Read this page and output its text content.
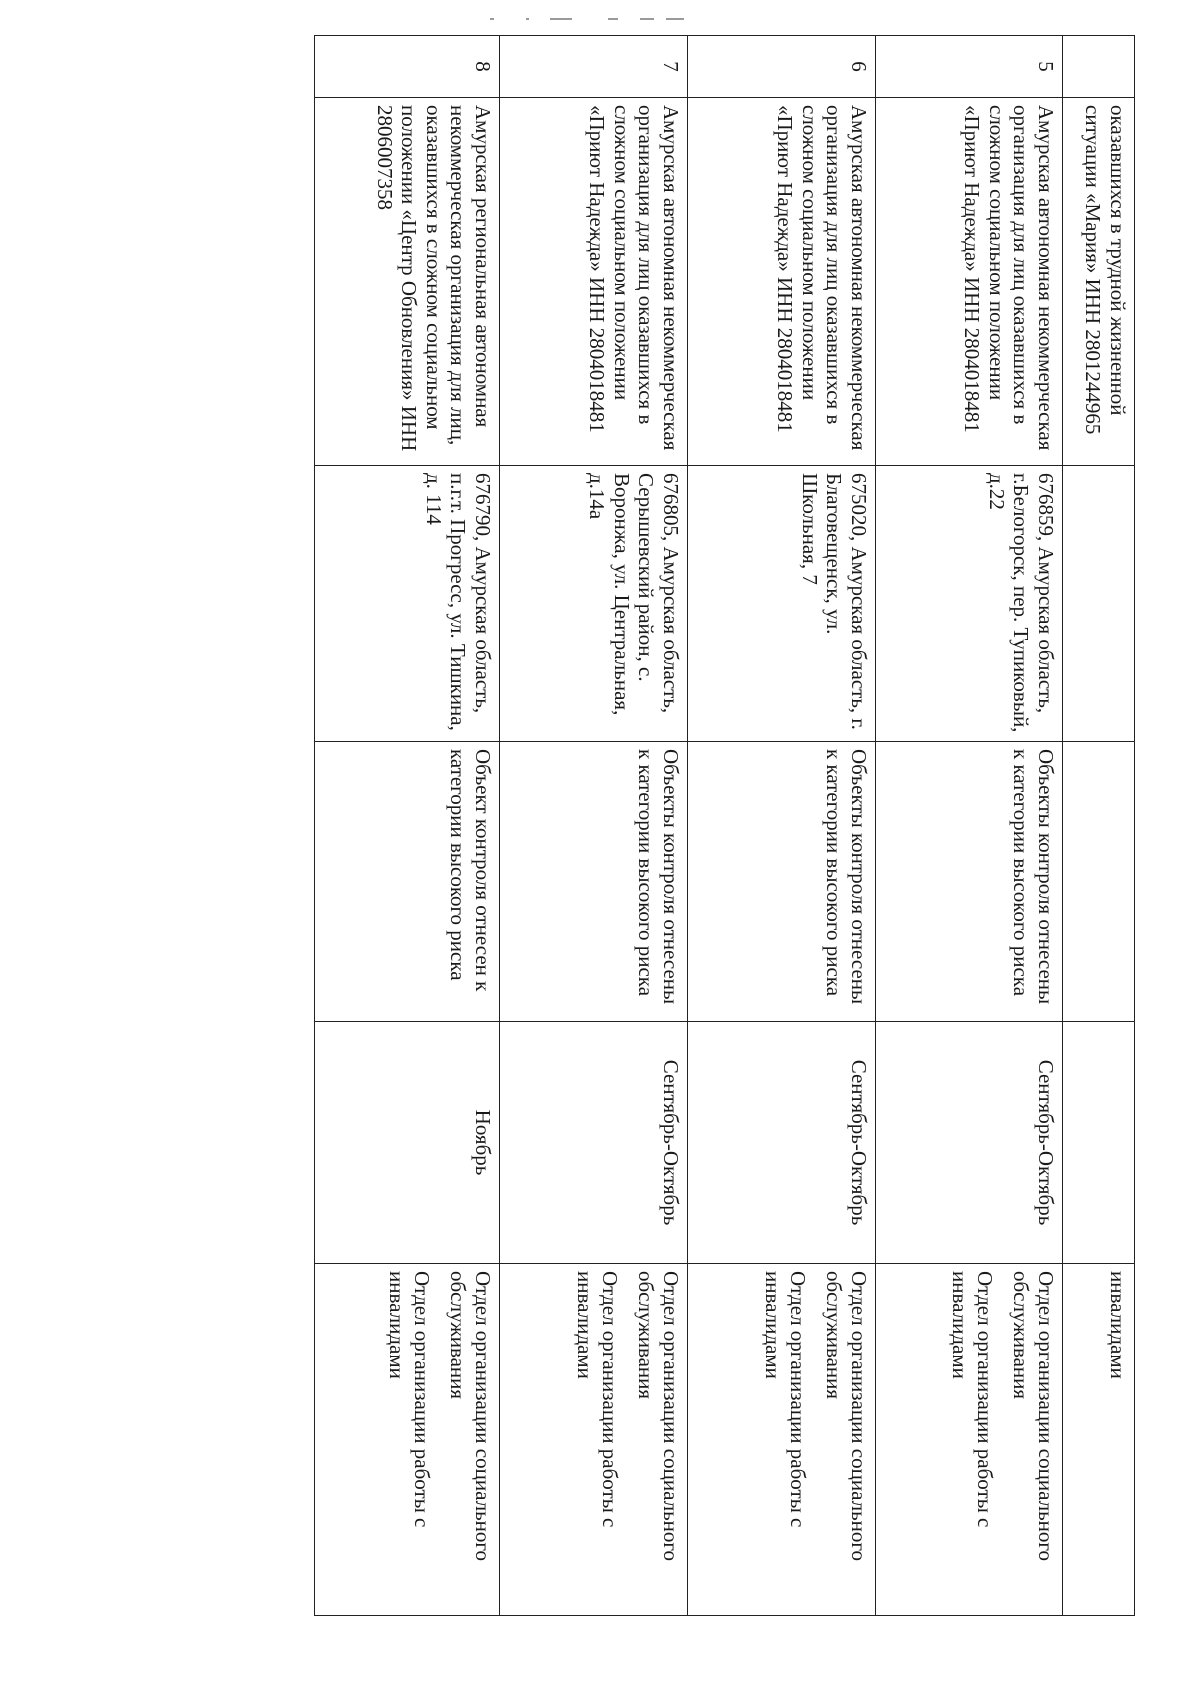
	оказавшихся в трудной жизненной ситуации «Мария» ИНН 2801244965				инвалидами

5	Амурская автономная некоммерческая организация для лиц оказавшихся в сложном социальном положении «Приют Надежда» ИНН 2804018481	676859, Амурская область, г.Белогорск, пер. Тупиковый, д.22	Объекты контроля отнесены к категории высокого риска	Сентябрь-Октябрь	Отдел организации социального обслуживания
Отдел организации работы с инвалидами

6	Амурская автономная некоммерческая организация для лиц оказавшихся в сложном социальном положении «Приют Надежда» ИНН 2804018481	675020, Амурская область, г. Благовещенск, ул. Школьная, 7	Объекты контроля отнесены к категории высокого риска	Сентябрь-Октябрь	Отдел организации социального обслуживания
Отдел организации работы с инвалидами

7	Амурская автономная некоммерческая организация для лиц оказавшихся в сложном социальном положении «Приют Надежда» ИНН 2804018481	676805, Амурская область, Серышевский район, с. Воронжа, ул. Центральная, д.14а	Объекты контроля отнесены к категории высокого риска	Сентябрь-Октябрь	Отдел организации социального обслуживания
Отдел организации работы с инвалидами

8	Амурская региональная автономная некоммерческая организация для лиц, оказавшихся в сложном социальном положении «Центр Обновления» ИНН 2806007358	676790, Амурская область, п.г.т. Прогресс, ул. Тишкина, д. 114	Объект контроля отнесен к категории высокого риска	Ноябрь	Отдел организации социального обслуживания
Отдел организации работы с инвалидами
